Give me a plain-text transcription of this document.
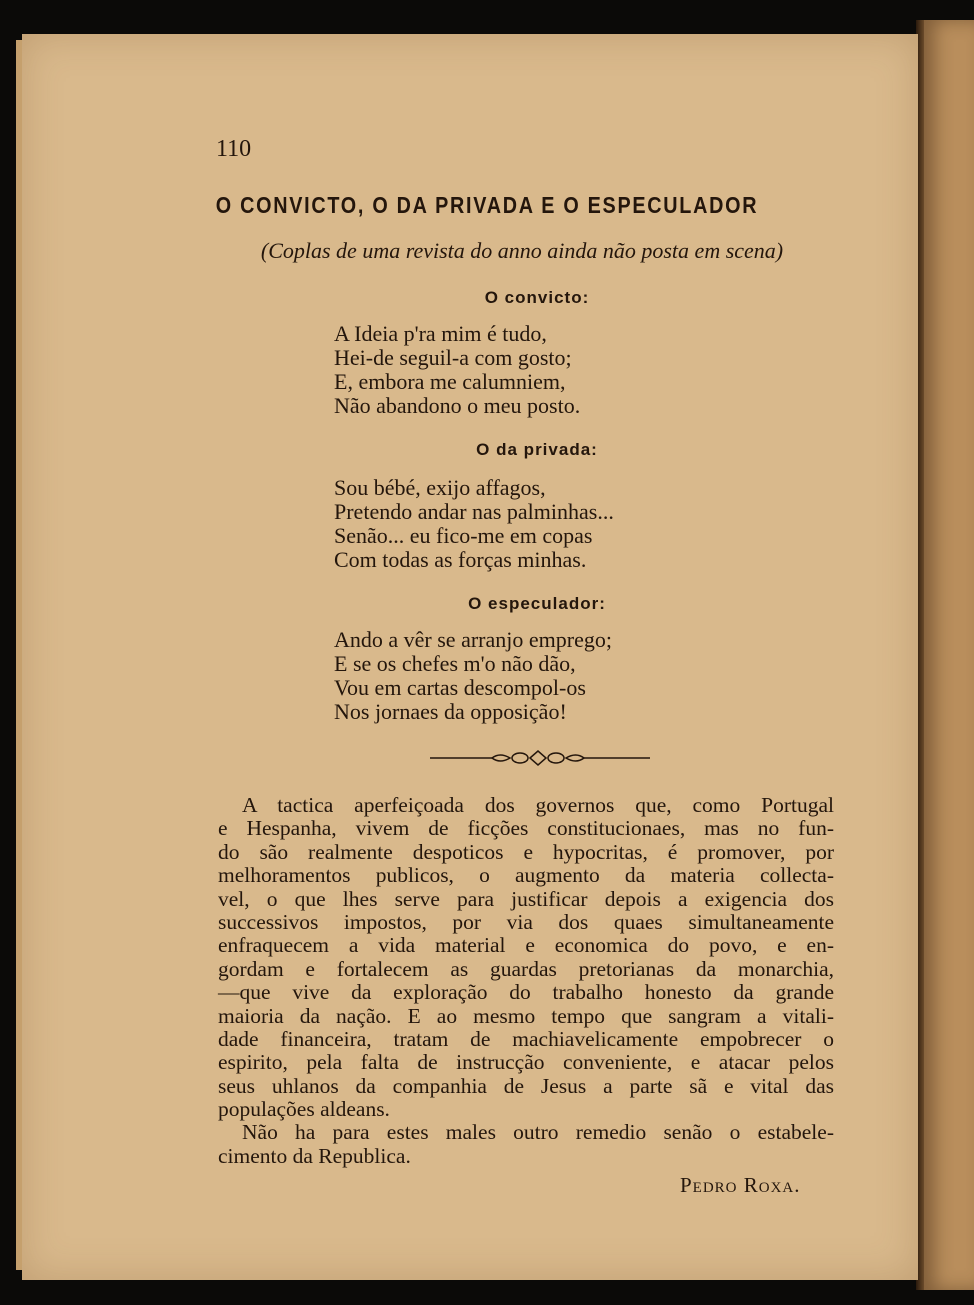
110
O CONVICTO, O DA PRIVADA E O ESPECULADOR
(Coplas de uma revista do anno ainda não posta em scena)
O convicto:
A Ideia p'ra mim é tudo,
Hei-de seguil-a com gosto;
E, embora me calumniem,
Não abandono o meu posto.
O da privada:
Sou bébé, exijo affagos,
Pretendo andar nas palminhas...
Senão... eu fico-me em copas
Com todas as forças minhas.
O especulador:
Ando a vêr se arranjo emprego;
E se os chefes m'o não dão,
Vou em cartas descompol-os
Nos jornaes da opposição!
A tactica aperfeiçoada dos governos que, como Portugal
e Hespanha, vivem de ficções constitucionaes, mas no fun-
do são realmente despoticos e hypocritas, é promover, por
melhoramentos publicos, o augmento da materia collecta-
vel, o que lhes serve para justificar depois a exigencia dos
successivos impostos, por via dos quaes simultaneamente
enfraquecem a vida material e economica do povo, e en-
gordam e fortalecem as guardas pretorianas da monarchia,
—que vive da exploração do trabalho honesto da grande
maioria da nação. E ao mesmo tempo que sangram a vitali-
dade financeira, tratam de machiavelicamente empobrecer o
espirito, pela falta de instrucção conveniente, e atacar pelos
seus uhlanos da companhia de Jesus a parte sã e vital das
populações aldeans.
Não ha para estes males outro remedio senão o estabele-
cimento da Republica.
Pedro Roxa.
